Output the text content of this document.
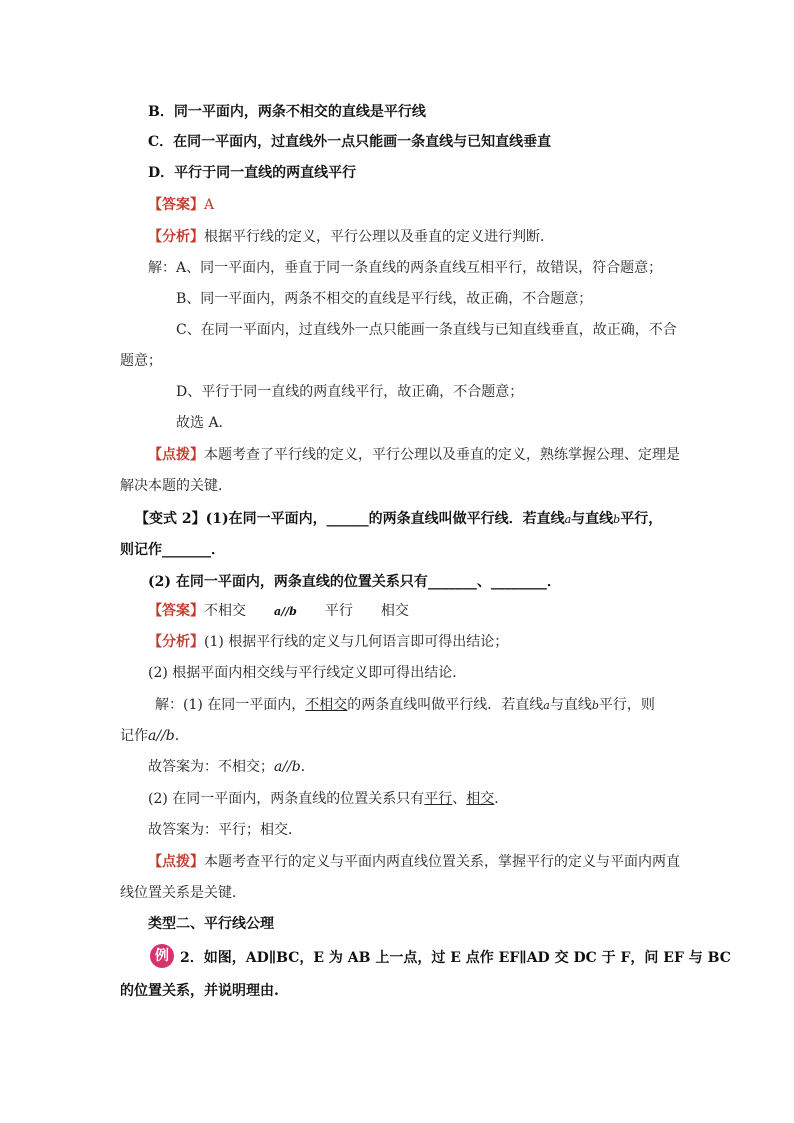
B．同一平面内，两条不相交的直线是平行线
C．在同一平面内，过直线外一点只能画一条直线与已知直线垂直
D．平行于同一直线的两直线平行
【答案】A
【分析】根据平行线的定义，平行公理以及垂直的定义进行判断．
解：A、同一平面内，垂直于同一条直线的两条直线互相平行，故错误，符合题意；
B、同一平面内，两条不相交的直线是平行线，故正确，不合题意；
C、在同一平面内，过直线外一点只能画一条直线与已知直线垂直，故正确，不合
题意；
D、平行于同一直线的两直线平行，故正确，不合题意；
故选 A．
【点拨】本题考查了平行线的定义，平行公理以及垂直的定义，熟练掌握公理、定理是
解决本题的关键．
【变式 2】(1)在同一平面内，______的两条直线叫做平行线．若直线a与直线b平行，
则记作_______．
(2) 在同一平面内，两条直线的位置关系只有_______、________．
【答案】不相交	a//b 平行 相交
【分析】(1) 根据平行线的定义与几何语言即可得出结论；
(2) 根据平面内相交线与平行线定义即可得出结论．
解：(1) 在同一平面内，不相交的两条直线叫做平行线．若直线a与直线b平行，则
记作a//b．
故答案为：不相交；a//b．
(2) 在同一平面内，两条直线的位置关系只有平行、相交．
故答案为：平行；相交．
【点拨】本题考查平行的定义与平面内两直线位置关系，掌握平行的定义与平面内两直
线位置关系是关键．
类型二、平行线公理
例 2．如图，AD∥BC，E 为 AB 上一点，过 E 点作 EF∥AD 交 DC 于 F，问 EF 与 BC
的位置关系，并说明理由.
